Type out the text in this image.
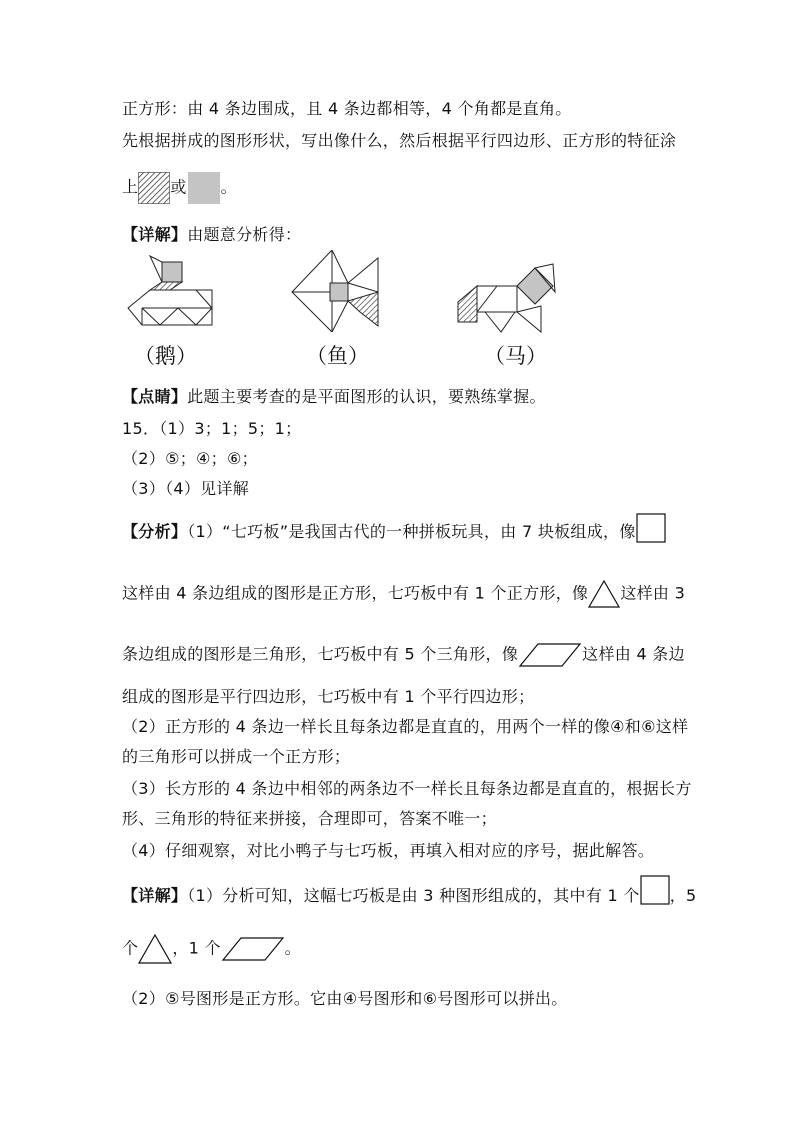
正方形：由 4 条边围成，且 4 条边都相等，4 个角都是直角。
先根据拼成的图形形状，写出像什么，然后根据平行四边形、正方形的特征涂
上 或 。
【详解】由题意分析得：
（鹅）	（鱼）	（马）
【点睛】此题主要考查的是平面图形的认识，要熟练掌握。
15．（1）3；1；5；1；
（2）⑤；④；⑥；
（3）（4）见详解
【分析】（1）“七巧板”是我国古代的一种拼板玩具，由 7 块板组成，像
这样由 4 条边组成的图形是正方形，七巧板中有 1 个正方形，像 这样由 3
条边组成的图形是三角形，七巧板中有 5 个三角形，像	这样由 4 条边
组成的图形是平行四边形，七巧板中有 1 个平行四边形；
（2）正方形的 4 条边一样长且每条边都是直直的，用两个一样的像④和⑥这样
的三角形可以拼成一个正方形；
（3）长方形的 4 条边中相邻的两条边不一样长且每条边都是直直的，根据长方
形、三角形的特征来拼接，合理即可，答案不唯一；
（4）仔细观察，对比小鸭子与七巧板，再填入相对应的序号，据此解答。
【详解】（1）分析可知，这幅七巧板是由 3 种图形组成的，其中有 1 个 ，5
个 ，1 个	。
（2）⑤号图形是正方形。它由④号图形和⑥号图形可以拼出。
